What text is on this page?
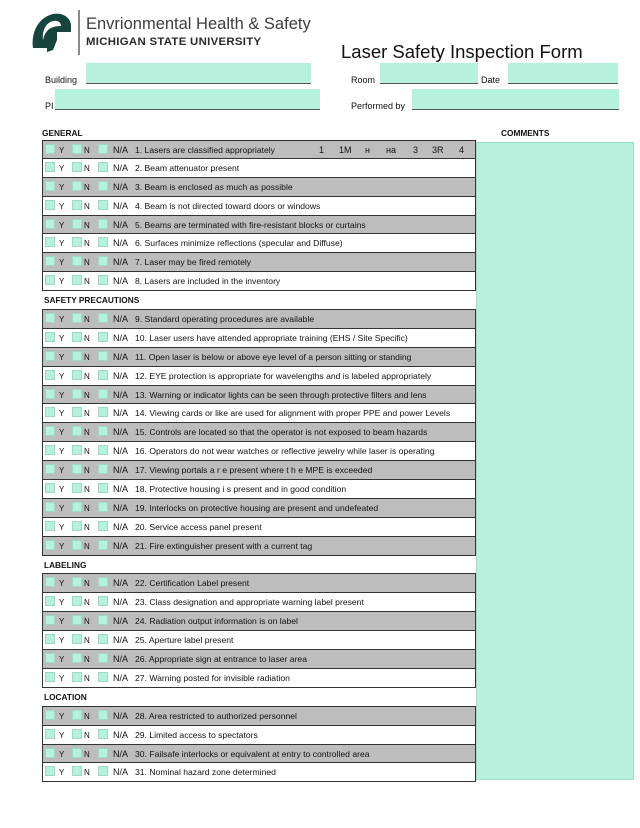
Envrionmental Health & Safety
MICHIGAN STATE UNIVERSITY	Laser Safety Inspection Form
Building	Room	Date
PI	Performed by
GENERAL	COMMENTS
Y N	N/A 1. Lasers are classified appropriately	1 1M н на 3 3R 4
Y N	N/A 2. Beam attenuator present
Y N	N/A 3. Beam is enclosed as much as possible
Y N	N/A 4. Beam is not directed toward doors or windows
Y N	N/A 5. Beams are terminated with fire-resistant blocks or curtains
Y N	N/A 6. Surfaces minimize reflections (specular and Diffuse)
Y N	N/A 7. Laser may be fired remotely
Y N	N/A 8. Lasers are included in the inventory
SAFETY PRECAUTIONS
Y N	N/A 9. Standard operating procedures are available
Y N	N/A 10. Laser users have attended appropriate training (EHS / Site Specific)
Y N	N/A 11. Open laser is below or above eye level of a person sitting or standing
Y N	N/A 12. EYE protection is appropriate for wavelengths and is labeled appropriately
Y N	N/A 13. Warning or indicator lights can be seen through protective filters and lens
Y N	N/A 14. Viewing cards or like are used for alignment with proper PPE and power Levels
Y N	N/A 15. Controls are located so that the operator is not exposed to beam hazards
Y N	N/A 16. Operators do not wear watches or reflective jewelry while laser is operating
Y N	N/A 17. Viewing portals a r e present where t h e MPE is exceeded
Y N	N/A 18. Protective housing i s present and in good condition
Y N	N/A 19. Interlocks on protective housing are present and undefeated
Y N	N/A 20. Service access panel present
Y N	N/A 21. Fire extinguisher present with a current tag
LABELING
Y N	N/A 22. Certification Label present
Y N	N/A 23. Class designation and appropriate warning label present
Y N	N/A 24. Radiation output information is on label
Y N	N/A 25. Aperture label present
Y N	N/A 26. Appropriate sign at entrance to laser area
Y N	N/A 27. Warning posted for invisible radiation
LOCATION
Y N	N/A 28. Area restricted to authorized personnel
Y N	N/A 29. Limited access to spectators
Y N	N/A 30. Failsafe interlocks or equivalent at entry to controlled area
Y N	N/A 31. Nominal hazard zone determined
